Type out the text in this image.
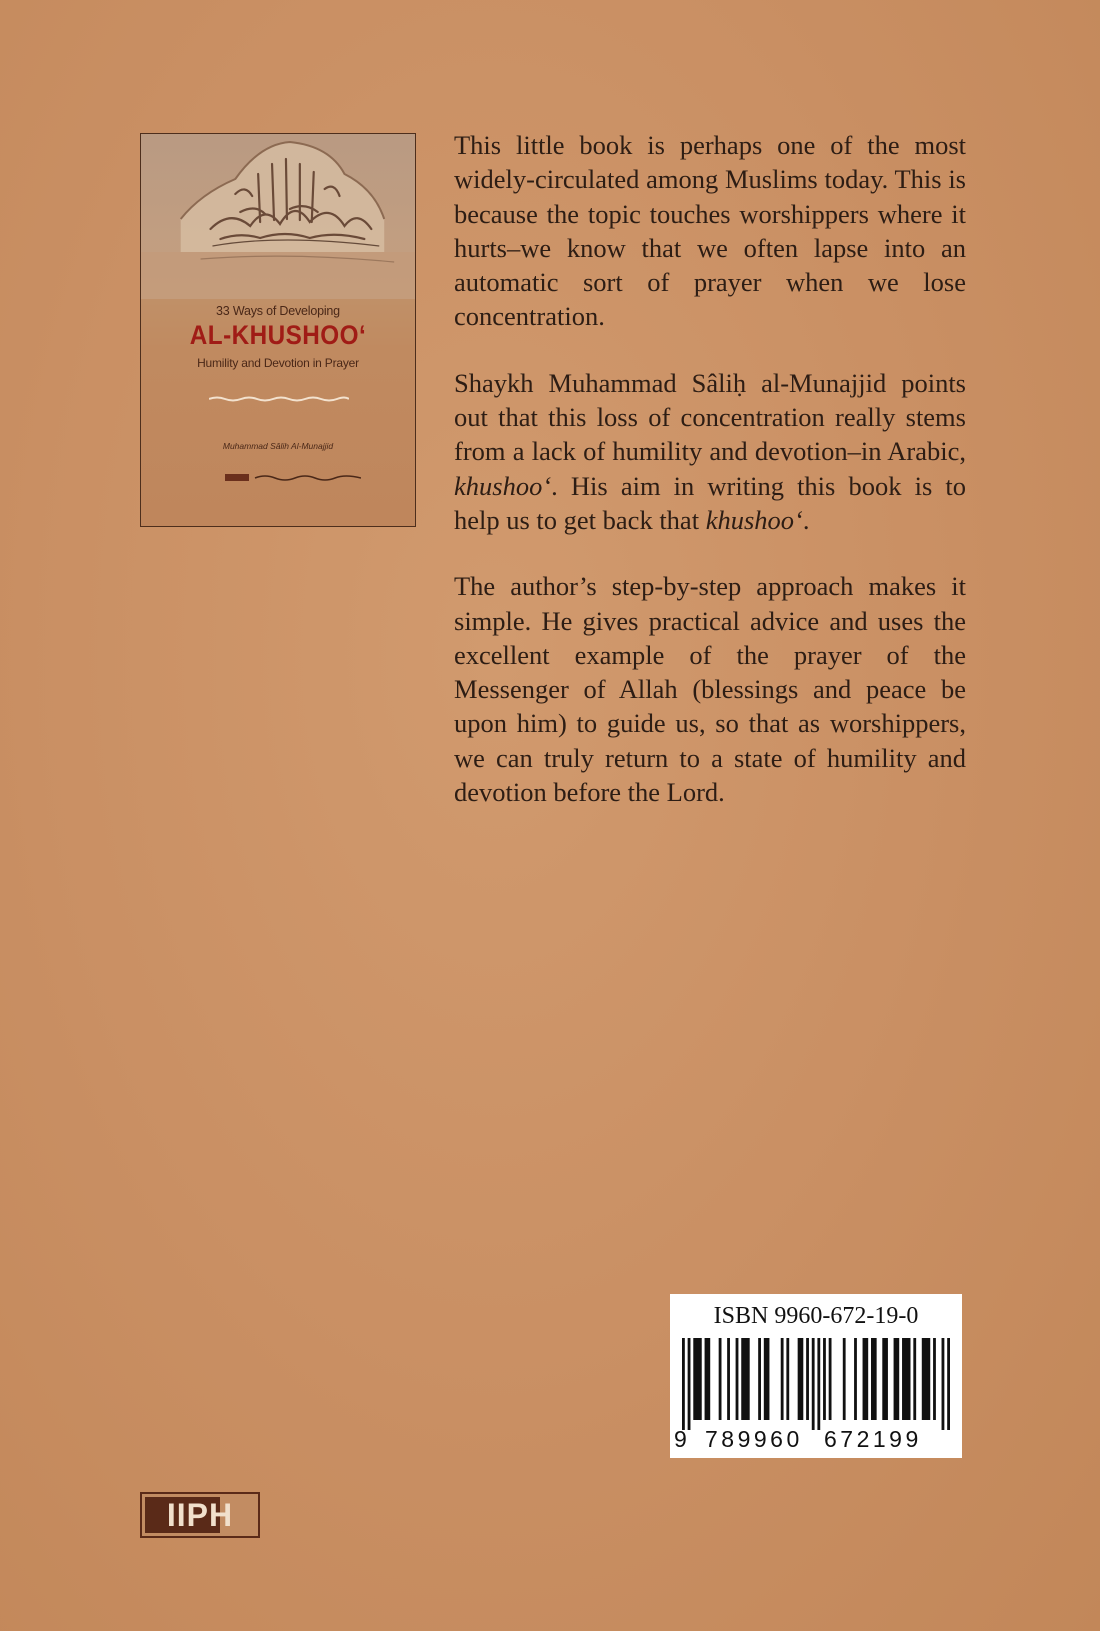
33 Ways of Developing
AL-KHUSHOO‘
Humility and Devotion in Prayer
Muhammad Sâlih Al-Munajjid

This little book is perhaps one of the most widely-circulated among Muslims today. This is because the topic touches worshippers where it hurts–we know that we often lapse into an automatic sort of prayer when we lose concentration.

Shaykh Muhammad Sâliḥ al-Munajjid points out that this loss of concentration really stems from a lack of humility and devotion–in Arabic, khushoo‘. His aim in writing this book is to help us to get back that khushoo‘.

The author’s step-by-step approach makes it simple. He gives practical advice and uses the excellent example of the prayer of the Messenger of Allah (blessings and peace be upon him) to guide us, so that as worshippers, we can truly return to a state of humility and devotion before the Lord.

ISBN 9960-672-19-0
9 789960 672199
IIPH
